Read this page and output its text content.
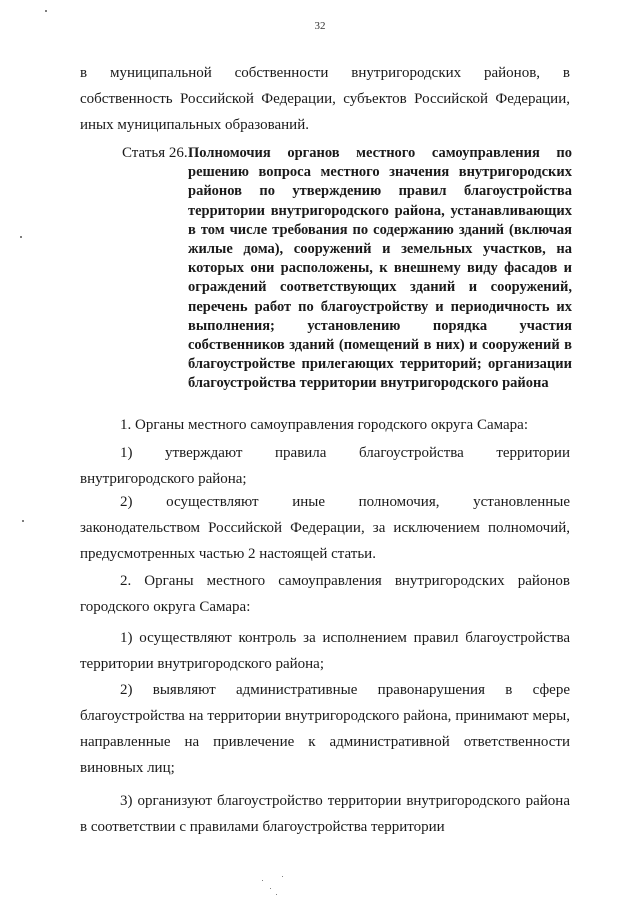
32

в муниципальной собственности внутригородских районов, в собственность Российской Федерации, субъектов Российской Федерации, иных муниципальных образований.

Статья 26. Полномочия органов местного самоуправления по решению вопроса местного значения внутригородских районов по утверждению правил благоустройства территории внутригородского района, устанавливающих в том числе требования по содержанию зданий (включая жилые дома), сооружений и земельных участков, на которых они расположены, к внешнему виду фасадов и ограждений соответствующих зданий и сооружений, перечень работ по благоустройству и периодичность их выполнения; установлению порядка участия собственников зданий (помещений в них) и сооружений в благоустройстве прилегающих территорий; организации благоустройства территории внутригородского района

1. Органы местного самоуправления городского округа Самара:

1) утверждают правила благоустройства территории внутригородского района;

2) осуществляют иные полномочия, установленные законодательством Российской Федерации, за исключением полномочий, предусмотренных частью 2 настоящей статьи.

2. Органы местного самоуправления внутригородских районов городского округа Самара:

1) осуществляют контроль за исполнением правил благоустройства территории внутригородского района;

2) выявляют административные правонарушения в сфере благоустройства на территории внутригородского района, принимают меры, направленные на привлечение к административной ответственности виновных лиц;

3) организуют благоустройство территории внутригородского района в соответствии с правилами благоустройства территории
